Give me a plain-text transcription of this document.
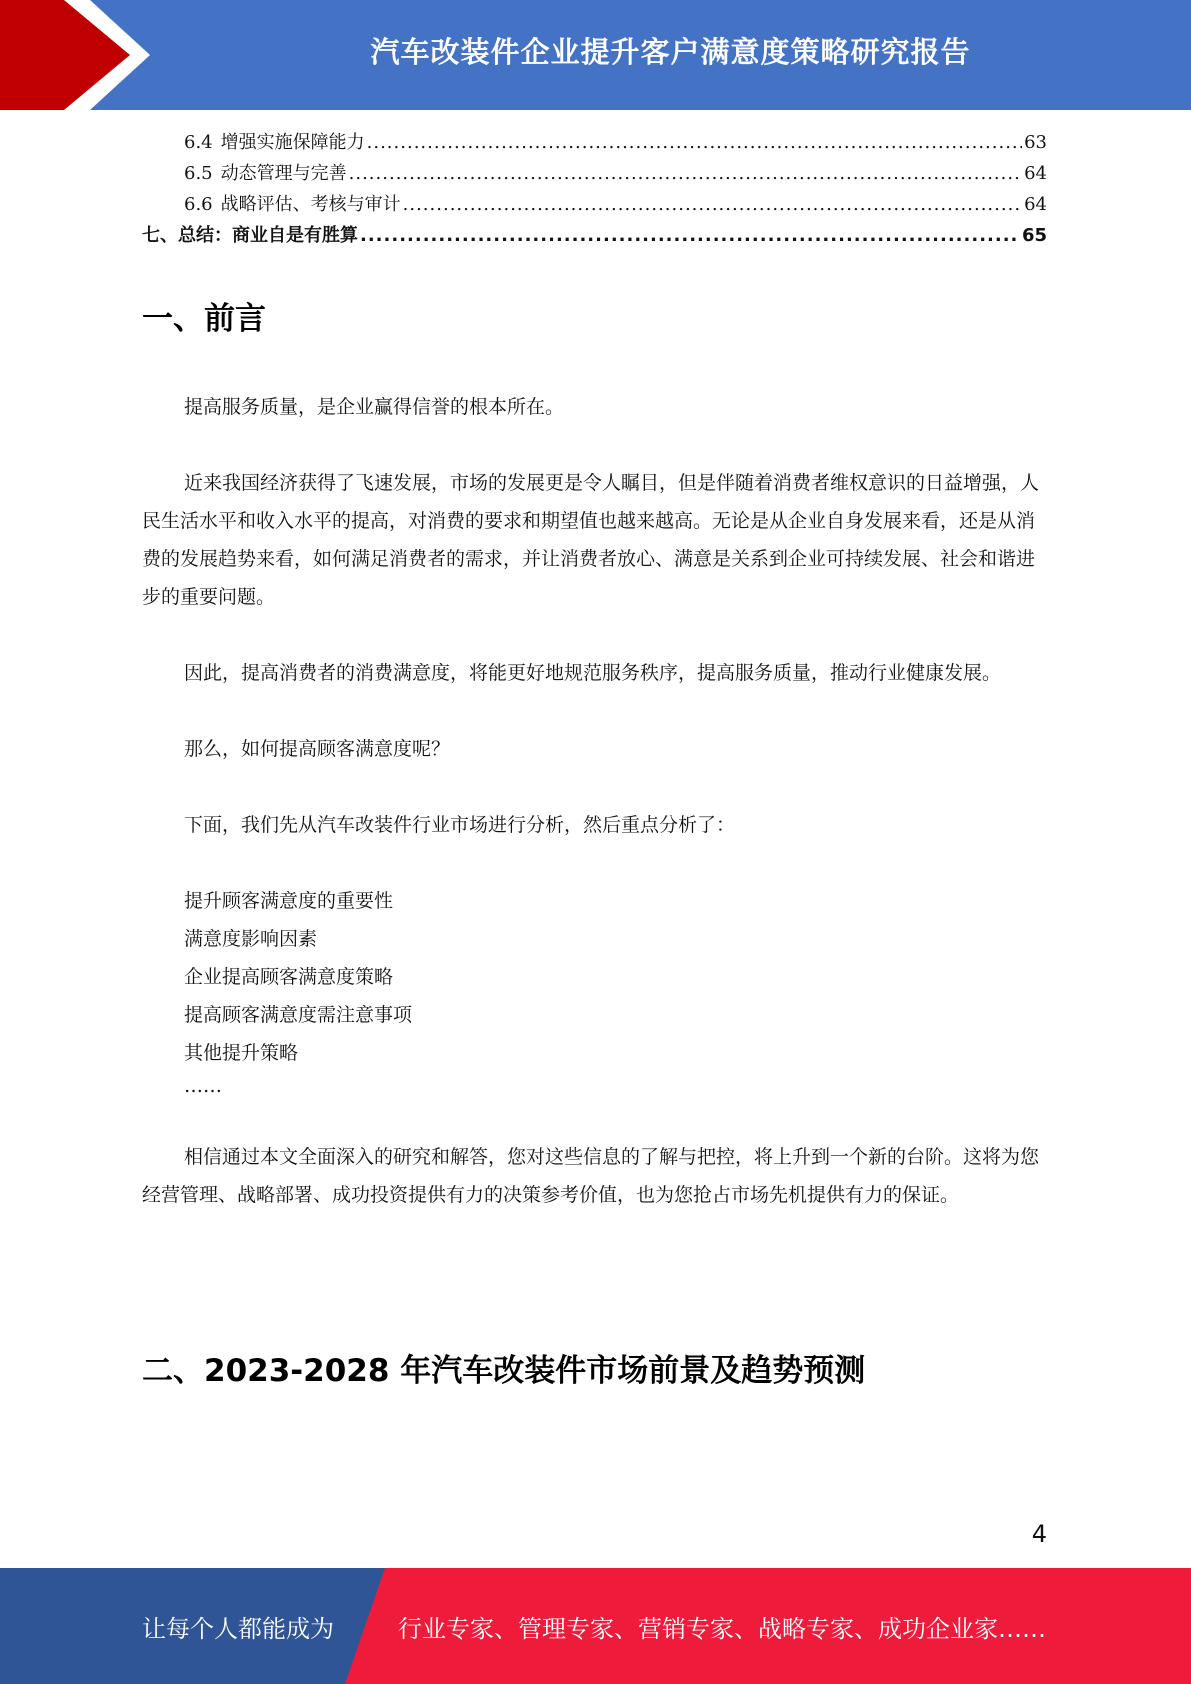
汽车改装件企业提升客户满意度策略研究报告
6.4 增强实施保障能力 .....	63
6.5 动态管理与完善 .....	64
6.6 战略评估、考核与审计 .....	64
七、总结：商业自是有胜算 .....	65
一、前言

提高服务质量，是企业赢得信誉的根本所在。

近来我国经济获得了飞速发展，市场的发展更是令人瞩目，但是伴随着消费者维权意识的日益增强，人民生活水平和收入水平的提高，对消费的要求和期望值也越来越高。无论是从企业自身发展来看，还是从消费的发展趋势来看，如何满足消费者的需求，并让消费者放心、满意是关系到企业可持续发展、社会和谐进步的重要问题。

因此，提高消费者的消费满意度，将能更好地规范服务秩序，提高服务质量，推动行业健康发展。

那么，如何提高顾客满意度呢？

下面，我们先从汽车改装件行业市场进行分析，然后重点分析了：

提升顾客满意度的重要性

满意度影响因素

企业提高顾客满意度策略

提高顾客满意度需注意事项

其他提升策略

……

相信通过本文全面深入的研究和解答，您对这些信息的了解与把控，将上升到一个新的台阶。这将为您经营管理、战略部署、成功投资提供有力的决策参考价值，也为您抢占市场先机提供有力的保证。

二、2023-2028 年汽车改装件市场前景及趋势预测
4
让每个人都能成为	行业专家、管理专家、营销专家、战略专家、成功企业家……
